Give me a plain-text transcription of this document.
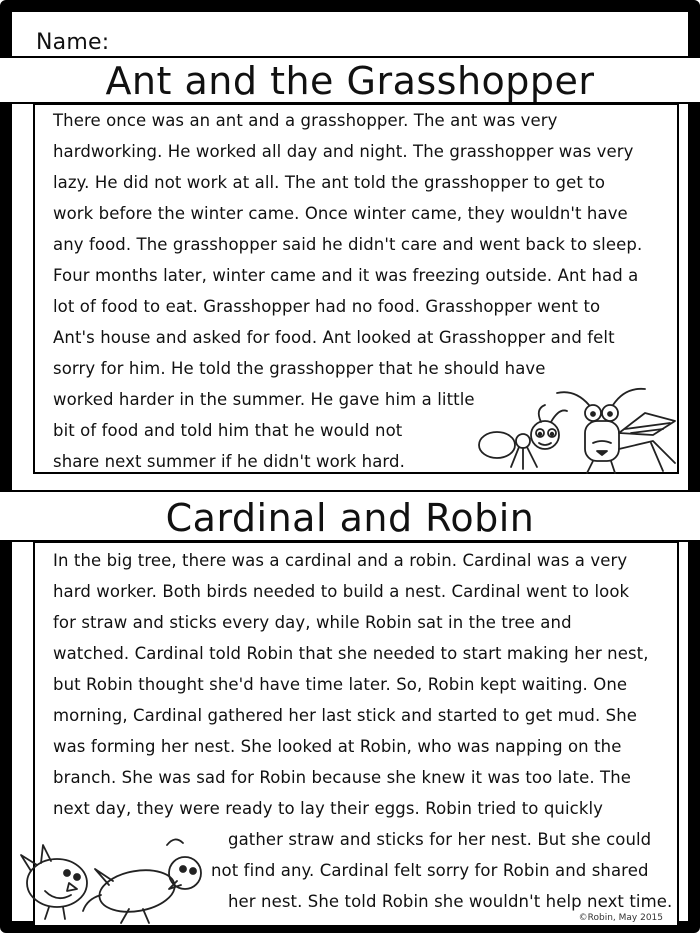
Name:
Ant and the Grasshopper
There once was an ant and a grasshopper. The ant was very
hardworking. He worked all day and night. The grasshopper was very
lazy. He did not work at all. The ant told the grasshopper to get to
work before the winter came. Once winter came, they wouldn't have
any food. The grasshopper said he didn't care and went back to sleep.
Four months later, winter came and it was freezing outside. Ant had a
lot of food to eat. Grasshopper had no food. Grasshopper went to
Ant's house and asked for food. Ant looked at Grasshopper and felt
sorry for him. He told the grasshopper that he should have
worked harder in the summer. He gave him a little
bit of food and told him that he would not
share next summer if he didn't work hard.
Cardinal and Robin
In the big tree, there was a cardinal and a robin. Cardinal was a very
hard worker. Both birds needed to build a nest. Cardinal went to look
for straw and sticks every day, while Robin sat in the tree and
watched. Cardinal told Robin that she needed to start making her nest,
but Robin thought she'd have time later. So, Robin kept waiting. One
morning, Cardinal gathered her last stick and started to get mud. She
was forming her nest. She looked at Robin, who was napping on the
branch. She was sad for Robin because she knew it was too late. The
next day, they were ready to lay their eggs. Robin tried to quickly
gather straw and sticks for her nest. But she could
not find any. Cardinal felt sorry for Robin and shared
her nest. She told Robin she wouldn't help next time.
©Robin, May 2015
